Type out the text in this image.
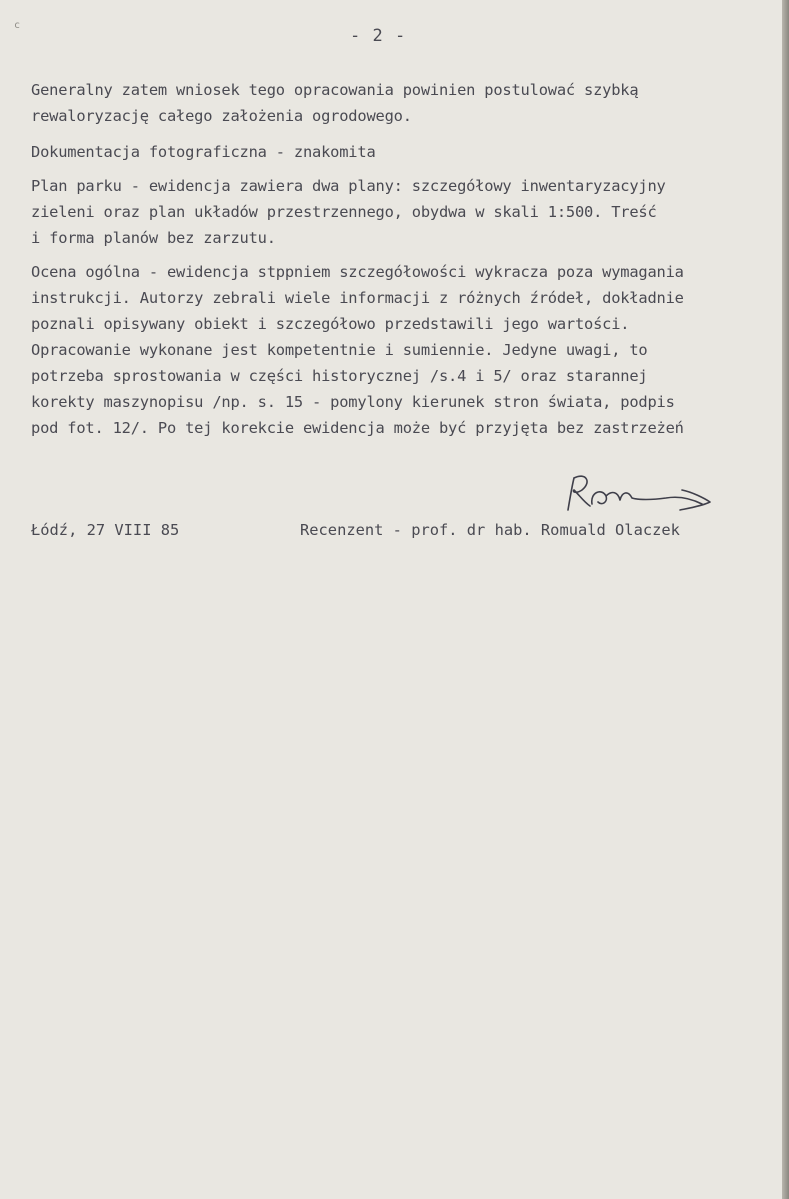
c
- 2 -
Generalny zatem wniosek tego opracowania powinien postulować szybką
rewaloryzację całego założenia ogrodowego.
Dokumentacja fotograficzna - znakomita
Plan parku - ewidencja zawiera dwa plany: szczegółowy inwentaryzacyjny
zieleni oraz plan układów przestrzennego, obydwa w skali 1:500. Treść
i forma planów bez zarzutu.
Ocena ogólna - ewidencja stppniem szczegółowości wykracza poza wymagania
instrukcji. Autorzy zebrali wiele informacji z różnych źródeł, dokładnie
poznali opisywany obiekt i szczegółowo przedstawili jego wartości.
Opracowanie wykonane jest kompetentnie i sumiennie. Jedyne uwagi, to
potrzeba sprostowania w części historycznej /s.4 i 5/ oraz starannej
korekty maszynopisu /np. s. 15 - pomylony kierunek stron świata, podpis
pod fot. 12/. Po tej korekcie ewidencja może być przyjęta bez zastrzeżeń
Łódź, 27 VIII 85	Recenzent - prof. dr hab. Romuald Olaczek
